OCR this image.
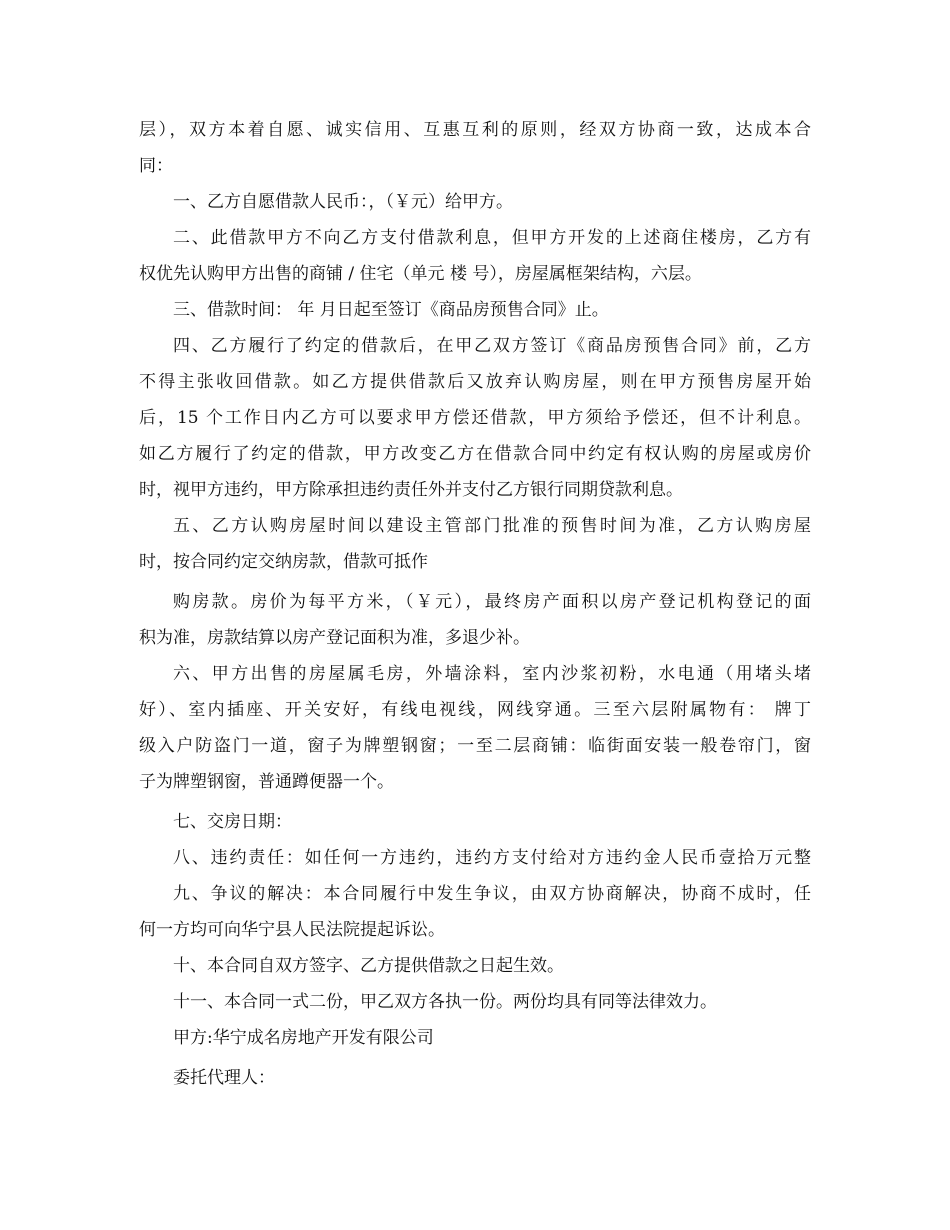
层），双方本着自愿、诚实信用、互惠互利的原则，经双方协商一致，达成本合
同：
一、乙方自愿借款人民币：，（￥元）给甲方。
二、此借款甲方不向乙方支付借款利息，但甲方开发的上述商住楼房，乙方有
权优先认购甲方出售的商铺 / 住宅（单元 楼 号），房屋属框架结构，六层。
三、借款时间： 年 月日起至签订《商品房预售合同》止。
四、乙方履行了约定的借款后，在甲乙双方签订《商品房预售合同》前，乙方
不得主张收回借款。如乙方提供借款后又放弃认购房屋，则在甲方预售房屋开始
后，15 个工作日内乙方可以要求甲方偿还借款，甲方须给予偿还，但不计利息。
如乙方履行了约定的借款，甲方改变乙方在借款合同中约定有权认购的房屋或房价
时，视甲方违约，甲方除承担违约责任外并支付乙方银行同期贷款利息。
五、乙方认购房屋时间以建设主管部门批准的预售时间为准，乙方认购房屋
时，按合同约定交纳房款，借款可抵作
购房款。房价为每平方米，（￥元），最终房产面积以房产登记机构登记的面
积为准，房款结算以房产登记面积为准，多退少补。
六、甲方出售的房屋属毛房，外墙涂料，室内沙浆初粉，水电通（用堵头堵
好）、室内插座、开关安好，有线电视线，网线穿通。三至六层附属物有： 牌丁
级入户防盗门一道，窗子为牌塑钢窗；一至二层商铺：临街面安装一般卷帘门，窗
子为牌塑钢窗，普通蹲便器一个。
七、交房日期：
八、违约责任：如任何一方违约，违约方支付给对方违约金人民币壹拾万元整
九、争议的解决：本合同履行中发生争议，由双方协商解决，协商不成时，任
何一方均可向华宁县人民法院提起诉讼。
十、本合同自双方签字、乙方提供借款之日起生效。
十一、本合同一式二份，甲乙双方各执一份。两份均具有同等法律效力。
甲方:华宁成名房地产开发有限公司
委托代理人：
